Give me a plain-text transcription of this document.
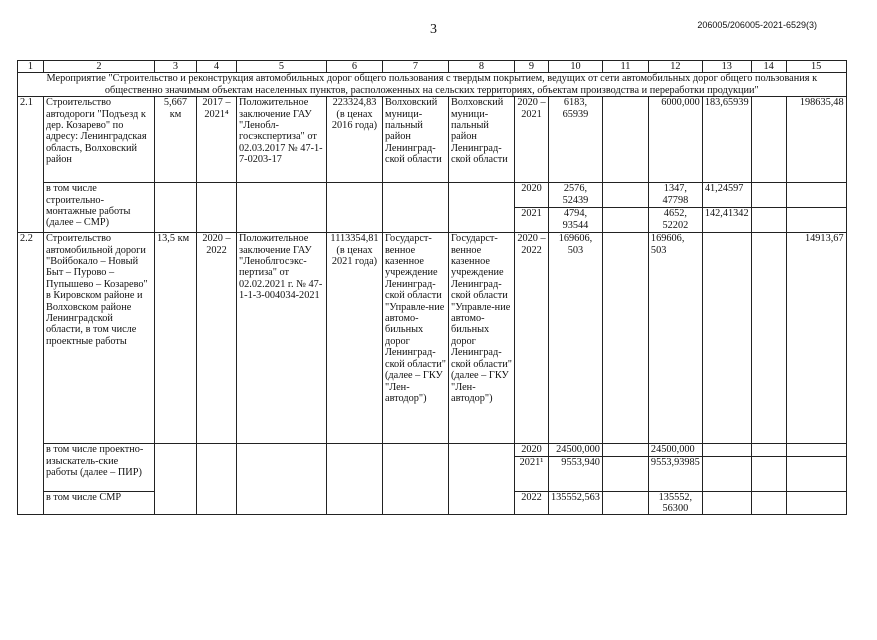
3	206005/206005-2021-6529(3)
1	2	3	4	5	6	7	8	9	10	11	12	13	14	15
Мероприятие "Строительство и реконструкция автомобильных дорог общего пользования с твердым покрытием, ведущих от сети автомобильных дорог общего пользования к общественно значимым объектам населенных пунктов, расположенных на сельских территориях, объектам производства и переработки продукции"														
2.1	Строительство автодороги "Подъезд к дер. Козарево" по адресу: Ленинградская область, Волховский район	5,667 км	2017 – 2021⁴	Положительное заключение ГАУ "Ленобл-госэкспертиза" от 02.03.2017 № 47-1-7-0203-17	223324,83 (в ценах 2016 года)	Волховский муници-пальный район Ленинград-ской области	Волховский муници-пальный район Ленинград-ской области	2020 – 2021	6183, 65939		6000,000	183,65939		198635,48
	в том числе строительно-монтажные работы (далее – СМР)							2020	2576, 52439		1347, 47798	41,24597		
								2021	4794, 93544		4652, 52202	142,41342		
2.2	Строительство автомобильной дороги "Войбокало – Новый Быт – Пурово – Пупышево – Козарево" в Кировском районе и Волховском районе Ленинградской области, в том числе проектные работы	13,5 км	2020 – 2022	Положительное заключение ГАУ "Леноблгосэкс-пертиза" от 02.02.2021 г. № 47-1-1-3-004034-2021	1113354,81 (в ценах 2021 года)	Государст-венное казенное учреждение Ленинград-ской области "Управле-ние автомо-бильных дорог Ленинград-ской области" (далее – ГКУ "Лен-автодор")	Государст-венное казенное учреждение Ленинград-ской области "Управле-ние автомо-бильных дорог Ленинград-ской области" (далее – ГКУ "Лен-автодор")	2020 – 2022	169606, 503		169606, 503			14913,67
	в том числе проектно-изыскатель-ские работы (далее – ПИР)							2020	24500,000		24500,000			
								2021¹	9553,940		9553,93985			
	в том числе СМР							2022	135552,563		135552, 56300			
